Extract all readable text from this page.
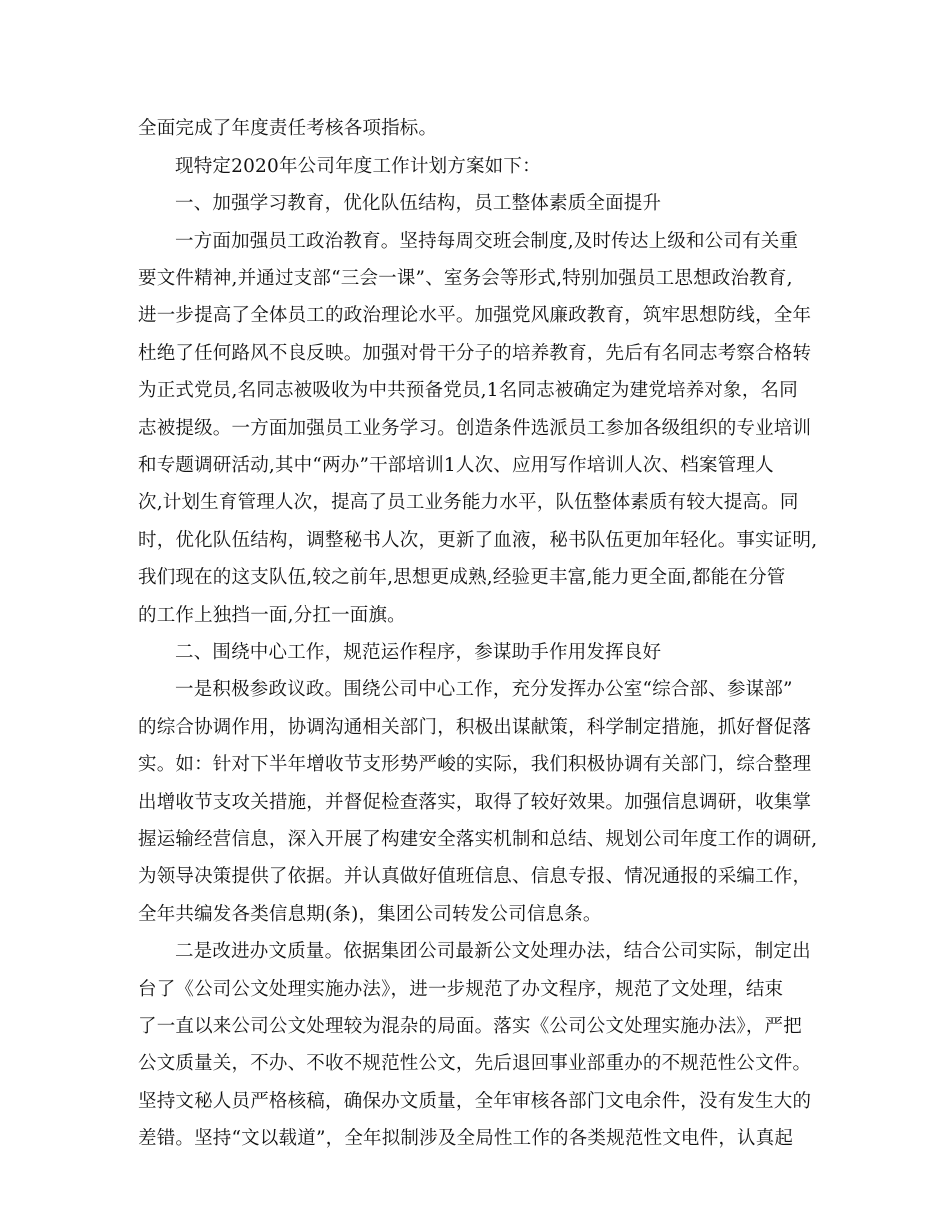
全面完成了年度责任考核各项指标。

现特定2020年公司年度工作计划方案如下：

一、加强学习教育，优化队伍结构，员工整体素质全面提升

一方面加强员工政治教育。坚持每周交班会制度,及时传达上级和公司有关重

要文件精神,并通过支部“三会一课”、室务会等形式,特别加强员工思想政治教育,

进一步提高了全体员工的政治理论水平。加强党风廉政教育，筑牢思想防线，全年

杜绝了任何路风不良反映。加强对骨干分子的培养教育，先后有名同志考察合格转

为正式党员,名同志被吸收为中共预备党员,1名同志被确定为建党培养对象，名同

志被提级。一方面加强员工业务学习。创造条件选派员工参加各级组织的专业培训

和专题调研活动,其中“两办”干部培训1人次、应用写作培训人次、档案管理人

次,计划生育管理人次，提高了员工业务能力水平，队伍整体素质有较大提高。同

时，优化队伍结构，调整秘书人次，更新了血液，秘书队伍更加年轻化。事实证明,

我们现在的这支队伍,较之前年,思想更成熟,经验更丰富,能力更全面,都能在分管

的工作上独挡一面,分扛一面旗。

二、围绕中心工作，规范运作程序，参谋助手作用发挥良好

一是积极参政议政。围绕公司中心工作，充分发挥办公室“综合部、参谋部”

的综合协调作用，协调沟通相关部门，积极出谋献策，科学制定措施，抓好督促落

实。如：针对下半年增收节支形势严峻的实际，我们积极协调有关部门，综合整理

出增收节支攻关措施，并督促检查落实，取得了较好效果。加强信息调研，收集掌

握运输经营信息，深入开展了构建安全落实机制和总结、规划公司年度工作的调研,

为领导决策提供了依据。并认真做好值班信息、信息专报、情况通报的采编工作，

全年共编发各类信息期(条)，集团公司转发公司信息条。

二是改进办文质量。依据集团公司最新公文处理办法，结合公司实际，制定出

台了《公司公文处理实施办法》，进一步规范了办文程序，规范了文处理，结束

了一直以来公司公文处理较为混杂的局面。落实《公司公文处理实施办法》，严把

公文质量关，不办、不收不规范性公文，先后退回事业部重办的不规范性公文件。

坚持文秘人员严格核稿，确保办文质量，全年审核各部门文电余件，没有发生大的

差错。坚持“文以载道”，全年拟制涉及全局性工作的各类规范性文电件，认真起
